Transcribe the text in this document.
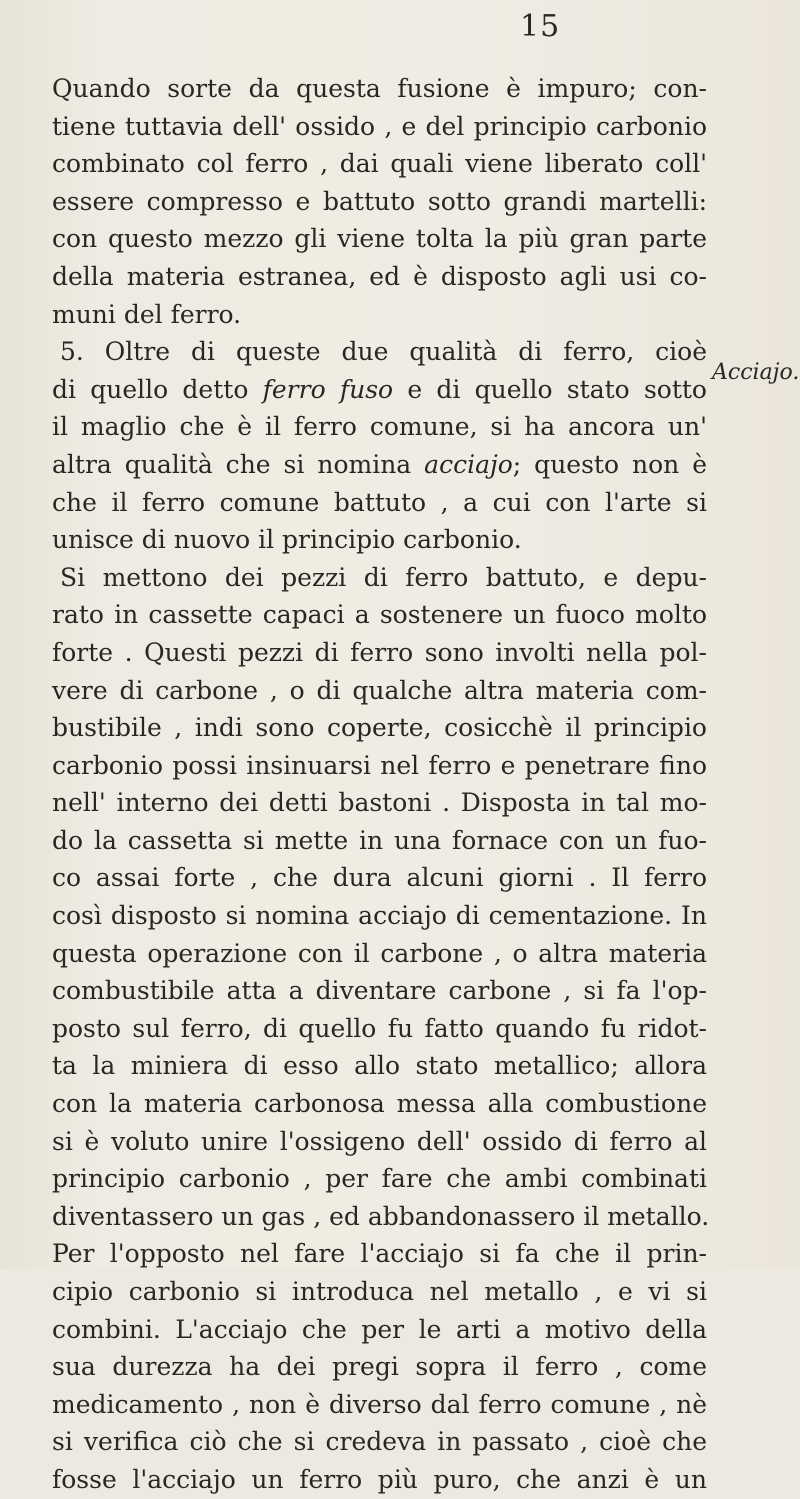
15
Acciajo.
Quando sorte da questa fusione è impuro; con-
tiene tuttavia dell' ossido , e del principio carbonio
combinato col ferro , dai quali viene liberato coll'
essere compresso e battuto sotto grandi martelli:
con questo mezzo gli viene tolta la più gran parte
della materia estranea, ed è disposto agli usi co-
muni del ferro.
5. Oltre di queste due qualità di ferro, cioè
di quello detto ferro fuso e di quello stato sotto
il maglio che è il ferro comune, si ha ancora un'
altra qualità che si nomina acciajo; questo non è
che il ferro comune battuto , a cui con l'arte si
unisce di nuovo il principio carbonio.
Si mettono dei pezzi di ferro battuto, e depu-
rato in cassette capaci a sostenere un fuoco molto
forte . Questi pezzi di ferro sono involti nella pol-
vere di carbone , o di qualche altra materia com-
bustibile , indi sono coperte, cosicchè il principio
carbonio possi insinuarsi nel ferro e penetrare fino
nell' interno dei detti bastoni . Disposta in tal mo-
do la cassetta si mette in una fornace con un fuo-
co assai forte , che dura alcuni giorni . Il ferro
così disposto si nomina acciajo di cementazione. In
questa operazione con il carbone , o altra materia
combustibile atta a diventare carbone , si fa l'op-
posto sul ferro, di quello fu fatto quando fu ridot-
ta la miniera di esso allo stato metallico; allora
con la materia carbonosa messa alla combustione
si è voluto unire l'ossigeno dell' ossido di ferro al
principio carbonio , per fare che ambi combinati
diventassero un gas , ed abbandonassero il metallo.
Per l'opposto nel fare l'acciajo si fa che il prin-
cipio carbonio si introduca nel metallo , e vi si
combini. L'acciajo che per le arti a motivo della
sua durezza ha dei pregi sopra il ferro , come
medicamento , non è diverso dal ferro comune , nè
si verifica ciò che si credeva in passato , cioè che
fosse l'acciajo un ferro più puro, che anzi è un
